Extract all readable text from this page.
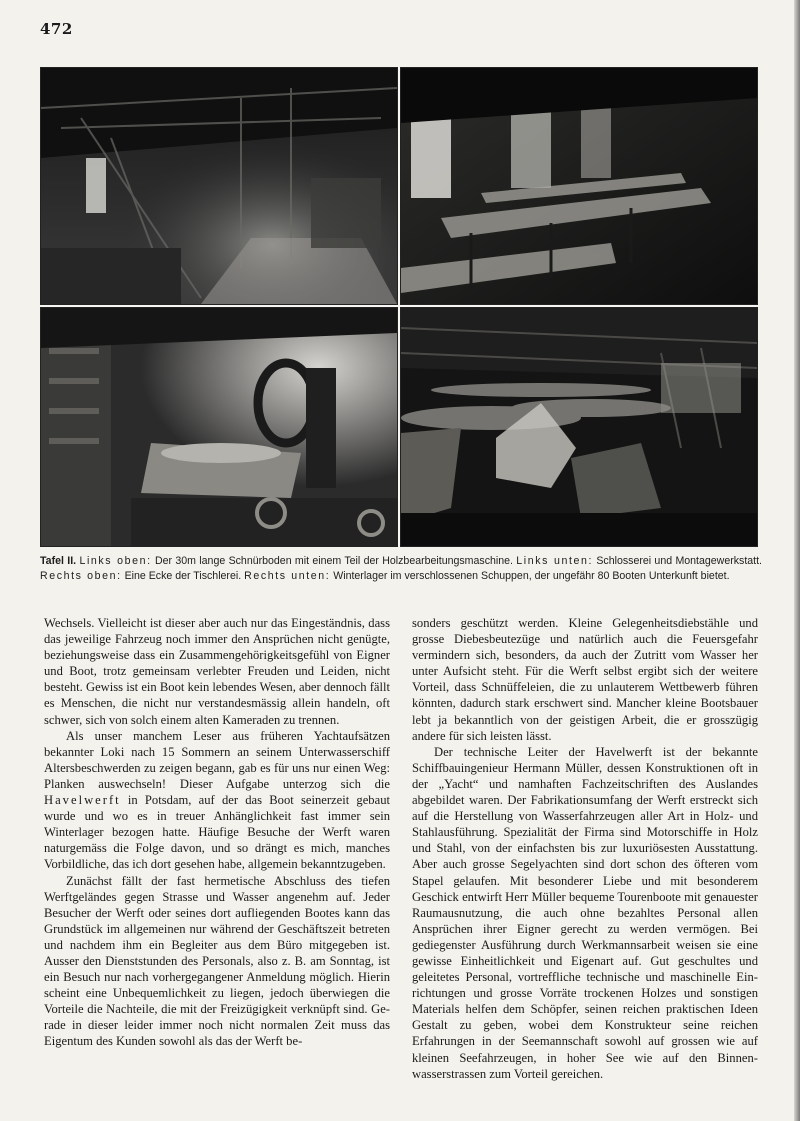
472
Tafel II. Links oben: Der 30m lange Schnürboden mit einem Teil der Holzbearbeitungsmaschine. Links unten: Schlosserei und Montagewerkstatt. Rechts oben: Eine Ecke der Tischlerei. Rechts unten: Winterlager im verschlossenen Schuppen, der ungefähr 80 Booten Unterkunft bietet.

Wechsels. Vielleicht ist dieser aber auch nur das Eingeständnis, dass das jeweilige Fahrzeug noch immer den Ansprüchen nicht genügte, beziehungsweise dass ein Zusammengehörigkeitsgefühl von Eigner und Boot, trotz gemeinsam verlebter Freuden und Leiden, nicht besteht. Gewiss ist ein Boot kein lebendes Wesen, aber dennoch fällt es Menschen, die nicht nur verstandesmässig allein handeln, oft schwer, sich von solch einem alten Kameraden zu trennen.

Als unser manchem Leser aus früheren Yachtaufsätzen bekannter Loki nach 15 Sommern an seinem Unterwasserschiff Altersbeschwerden zu zeigen begann, gab es für uns nur einen Weg: Planken auswechseln! Dieser Aufgabe unterzog sich die Havelwerft in Potsdam, auf der das Boot seinerzeit gebaut wurde und wo es in treuer Anhänglichkeit fast immer sein Winterlager bezogen hatte. Häufige Besuche der Werft waren naturgemäss die Folge davon, und so drängt es mich, manches Vorbildliche, das ich dort gesehen habe, allgemein bekanntzugeben.

Zunächst fällt der fast hermetische Abschluss des tiefen Werftgeländes gegen Strasse und Wasser angenehm auf. Jeder Besucher der Werft oder seines dort aufliegenden Bootes kann das Grundstück im allgemeinen nur während der Geschäftszeit betreten und nachdem ihm ein Begleiter aus dem Büro mitgegeben ist. Ausser den Dienststunden des Personals, also z. B. am Sonntag, ist ein Besuch nur nach vorhergegangener Anmeldung möglich. Hierin scheint eine Unbequemlichkeit zu liegen, jedoch überwiegen die Vorteile die Nachteile, die mit der Freizügigkeit verknüpft sind. Gerade in dieser leider immer noch nicht normalen Zeit muss das Eigentum des Kunden sowohl als das der Werft be-

sonders geschützt werden. Kleine Gelegenheitsdiebstähle und grosse Diebesbeutezüge und natürlich auch die Feuersgefahr vermindern sich, besonders, da auch der Zutritt vom Wasser her unter Aufsicht steht. Für die Werft selbst ergibt sich der weitere Vorteil, dass Schnüffeleien, die zu unlauterem Wettbewerb führen könnten, dadurch stark erschwert sind. Mancher kleine Bootsbauer lebt ja bekanntlich von der geistigen Arbeit, die er grosszügig andere für sich leisten lässt.

Der technische Leiter der Havelwerft ist der bekannte Schiffbauingenieur Hermann Müller, dessen Konstruktionen oft in der „Yacht“ und namhaften Fachzeitschriften des Auslandes abgebildet waren. Der Fabrikationsumfang der Werft erstreckt sich auf die Herstellung von Wasserfahrzeugen aller Art in Holz- und Stahlausführung. Spezialität der Firma sind Motorschiffe in Holz und Stahl, von der einfachsten bis zur luxuriösesten Ausstattung. Aber auch grosse Segelyachten sind dort schon des öfteren vom Stapel gelaufen. Mit besonderer Liebe und mit besonderem Geschick entwirft Herr Müller bequeme Tourenboote mit genauester Raumausnutzung, die auch ohne bezahltes Personal allen Ansprüchen ihrer Eigner gerecht zu werden vermögen. Bei gediegenster Ausführung durch Werkmannsarbeit weisen sie eine gewisse Einheitlichkeit und Eigenart auf. Gut geschultes und geleitetes Personal, vortreffliche technische und maschinelle Einrichtungen und grosse Vorräte trockenen Holzes und sonstigen Materials helfen dem Schöpfer, seinen reichen praktischen Ideen Gestalt zu geben, wobei dem Konstrukteur seine reichen Erfahrungen in der Seemannschaft sowohl auf grossen wie auf kleinen Seefahrzeugen, in hoher See wie auf den Binnenwasserstrassen zum Vorteil gereichen.
